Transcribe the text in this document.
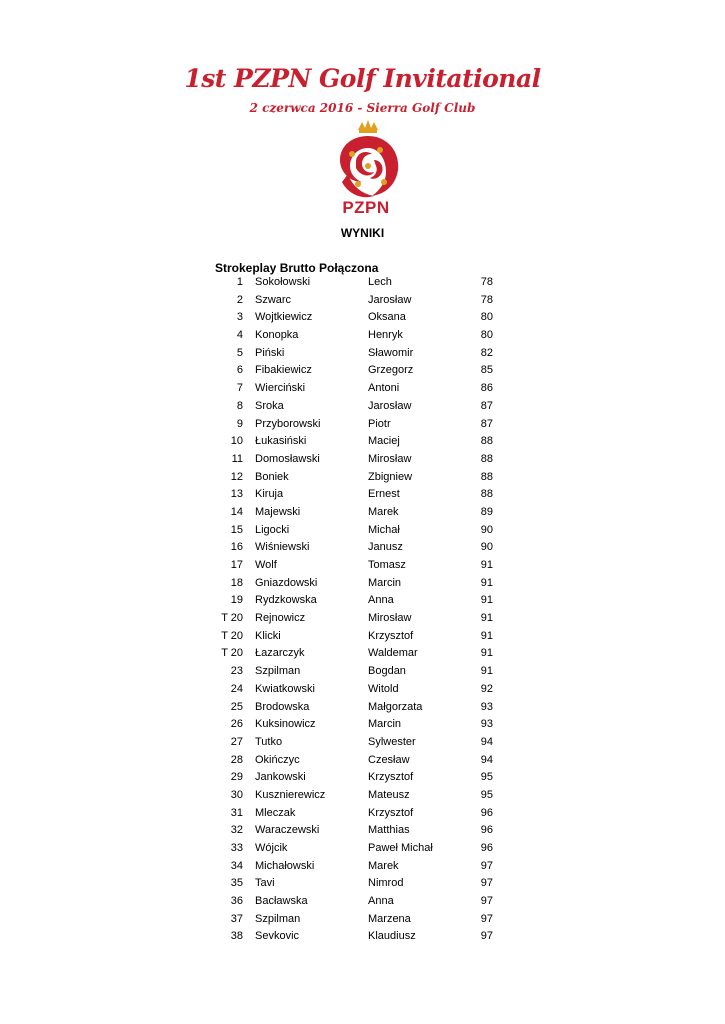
1st PZPN Golf Invitational
2 czerwca 2016 - Sierra Golf Club
PZPN
WYNIKI
Strokeplay Brutto Połączona
1 Sokołowski	Lech	78
2 Szwarc	Jarosław	78
3 Wojtkiewicz	Oksana	80
4 Konopka	Henryk	80
5 Piński	Sławomir	82
6 Fibakiewicz	Grzegorz	85
7 Wierciński	Antoni	86
8 Sroka	Jarosław	87
9 Przyborowski	Piotr	87
10 Łukasiński	Maciej	88
11 Domosławski	Mirosław	88
12 Boniek	Zbigniew	88
13 Kiruja	Ernest	88
14 Majewski	Marek	89
15 Ligocki	Michał	90
16 Wiśniewski	Janusz	90
17 Wolf	Tomasz	91
18 Gniazdowski	Marcin	91
19 Rydzkowska	Anna	91
T 20 Rejnowicz	Mirosław	91
T 20 Klicki	Krzysztof	91
T 20 Łazarczyk	Waldemar	91
23 Szpilman	Bogdan	91
24 Kwiatkowski	Witold	92
25 Brodowska	Małgorzata	93
26 Kuksinowicz	Marcin	93
27 Tutko	Sylwester	94
28 Okińczyc	Czesław	94
29 Jankowski	Krzysztof	95
30 Kusznierewicz	Mateusz	95
31 Mleczak	Krzysztof	96
32 Waraczewski	Matthias	96
33 Wójcik	Paweł Michał	96
34 Michałowski	Marek	97
35 Tavi	Nimrod	97
36 Bacławska	Anna	97
37 Szpilman	Marzena	97
38 Sevkovic	Klaudiusz	97
